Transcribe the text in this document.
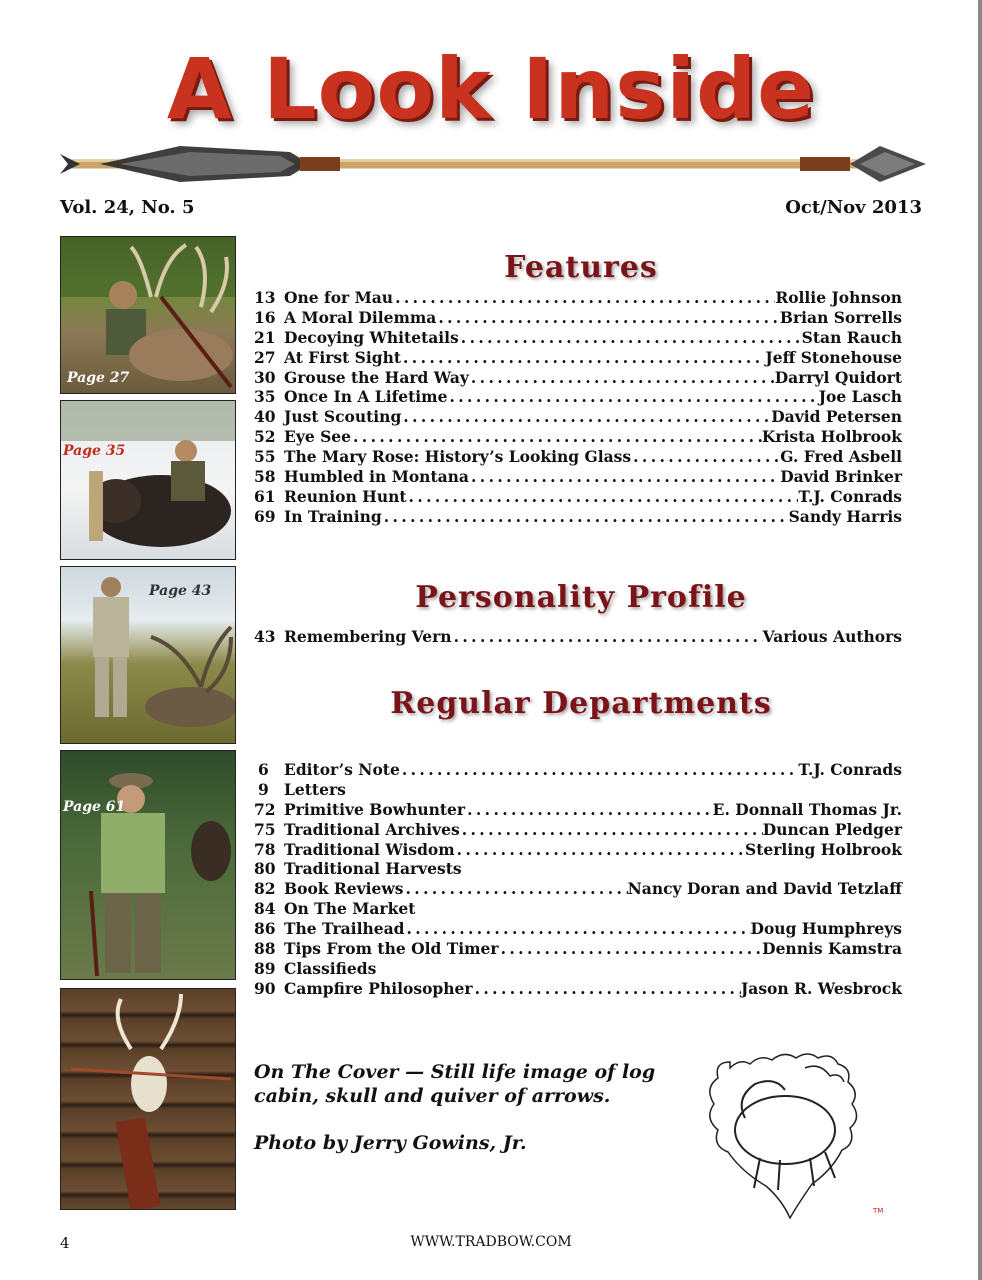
A Look Inside
Vol. 24, No. 5	Oct/Nov 2013
Page 27
Page 35
Page 43
Page 61
Features
13 One for Mau . . .	Rollie Johnson
16 A Moral Dilemma . . .	Brian Sorrells
21 Decoying Whitetails . . .	Stan Rauch
27 At First Sight . . .	Jeff Stonehouse
30 Grouse the Hard Way . . .	Darryl Quidort
35 Once In A Lifetime . . .	Joe Lasch
40 Just Scouting . . .	David Petersen
52 Eye See . . .	Krista Holbrook
55 The Mary Rose: History’s Looking Glass . . .	G. Fred Asbell
58 Humbled in Montana . . .	David Brinker
61 Reunion Hunt . . .	T.J. Conrads
69 In Training . . .	Sandy Harris
Personality Profile
43 Remembering Vern . . .	Various Authors
Regular Departments
6 Editor’s Note . . .	T.J. Conrads
9 Letters
72 Primitive Bowhunter . . .	E. Donnall Thomas Jr.
75 Traditional Archives . . .	Duncan Pledger
78 Traditional Wisdom . . .	Sterling Holbrook
80 Traditional Harvests
82 Book Reviews . . .	Nancy Doran and David Tetzlaff
84 On The Market
86 The Trailhead . . .	Doug Humphreys
88 Tips From the Old Timer . . .	Dennis Kamstra
89 Classifieds
90 Campfire Philosopher . . .	Jason R. Wesbrock
On The Cover — Still life image of log cabin, skull and quiver of arrows.
Photo by Jerry Gowins, Jr.
TM
4	WWW.TRADBOW.COM
